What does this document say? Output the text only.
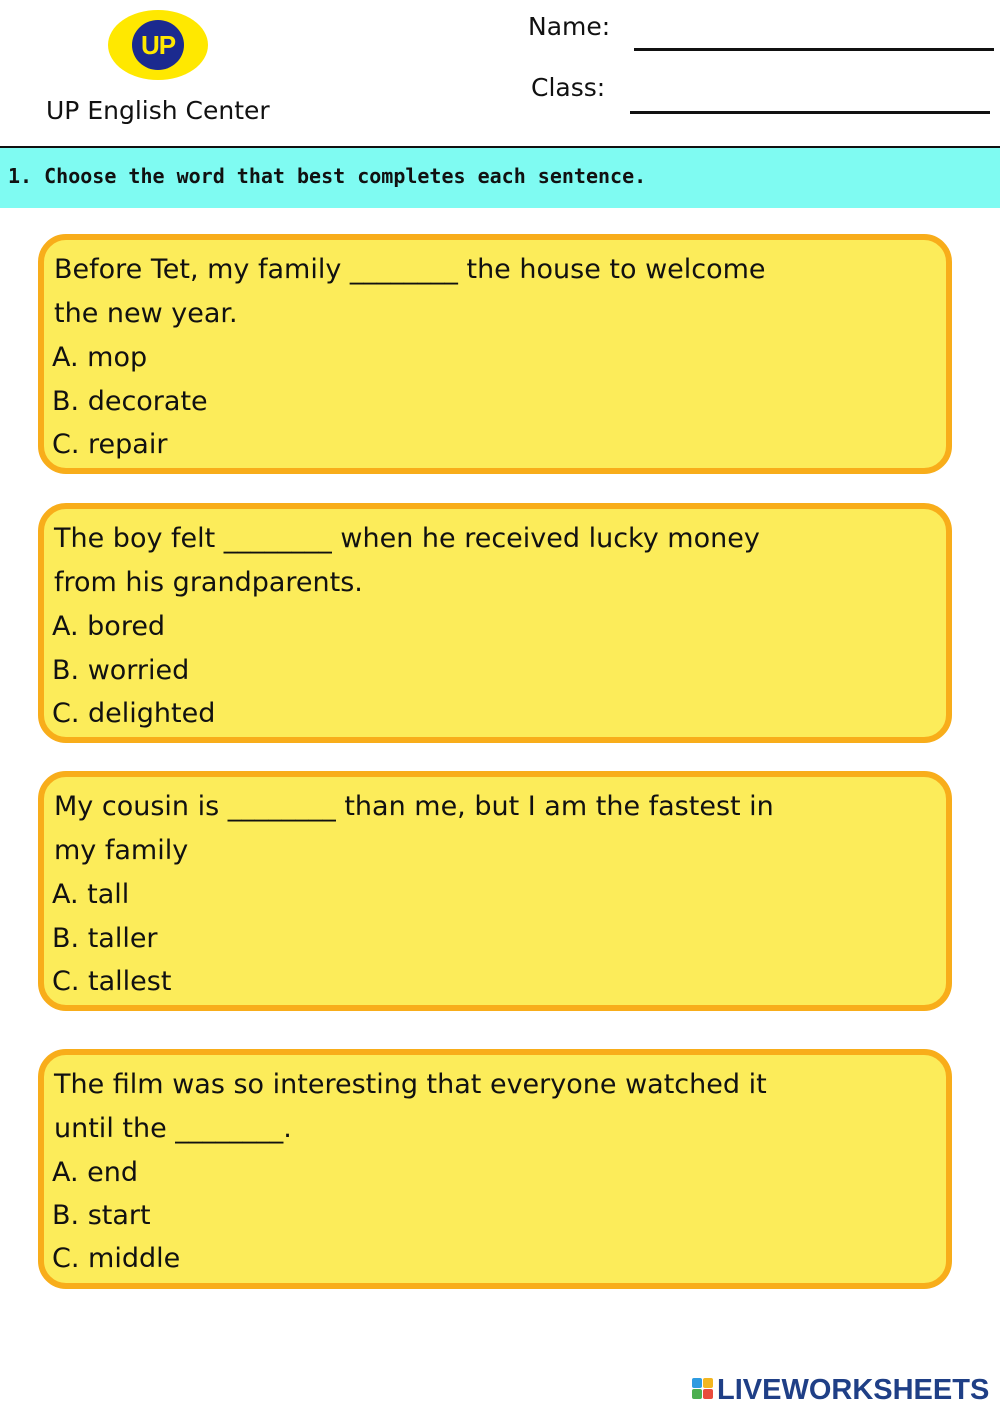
UP
UP English Center
Name:
Class:
1. Choose the word that best completes each sentence.
Before Tet, my family ________ the house to welcome
the new year.
A. mop
B. decorate
C. repair
The boy felt ________ when he received lucky money
from his grandparents.
A. bored
B. worried
C. delighted
My cousin is ________ than me, but I am the fastest in
my family
A. tall
B. taller
C. tallest
The film was so interesting that everyone watched it
until the ________.
A. end
B. start
C. middle
LIVEWORKSHEETS
